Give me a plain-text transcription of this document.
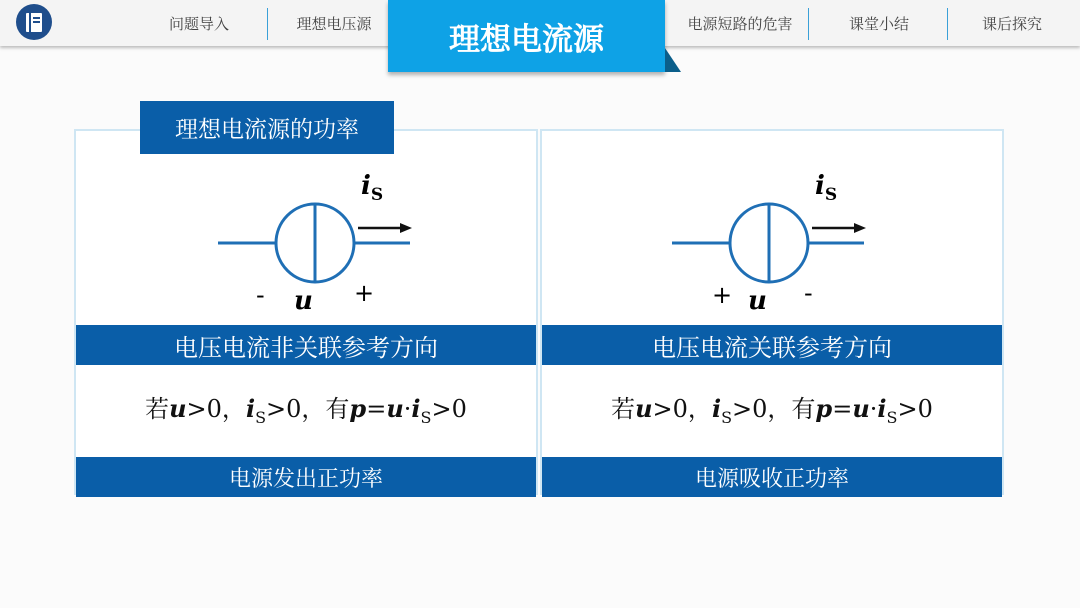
问题导入	理想电压源	电源短路的危害	课堂小结	课后探究
理想电流源
$i_S$
- u +
电压电流非关联参考方向
若u>0，$i_S>0$，有$p=u\cdot i_S>0$
电源发出正功率
$i_S$
+ u -
电压电流关联参考方向
若u>0，$i_S>0$，有$p=u\cdot i_S>0$
电源吸收正功率
理想电流源的功率
